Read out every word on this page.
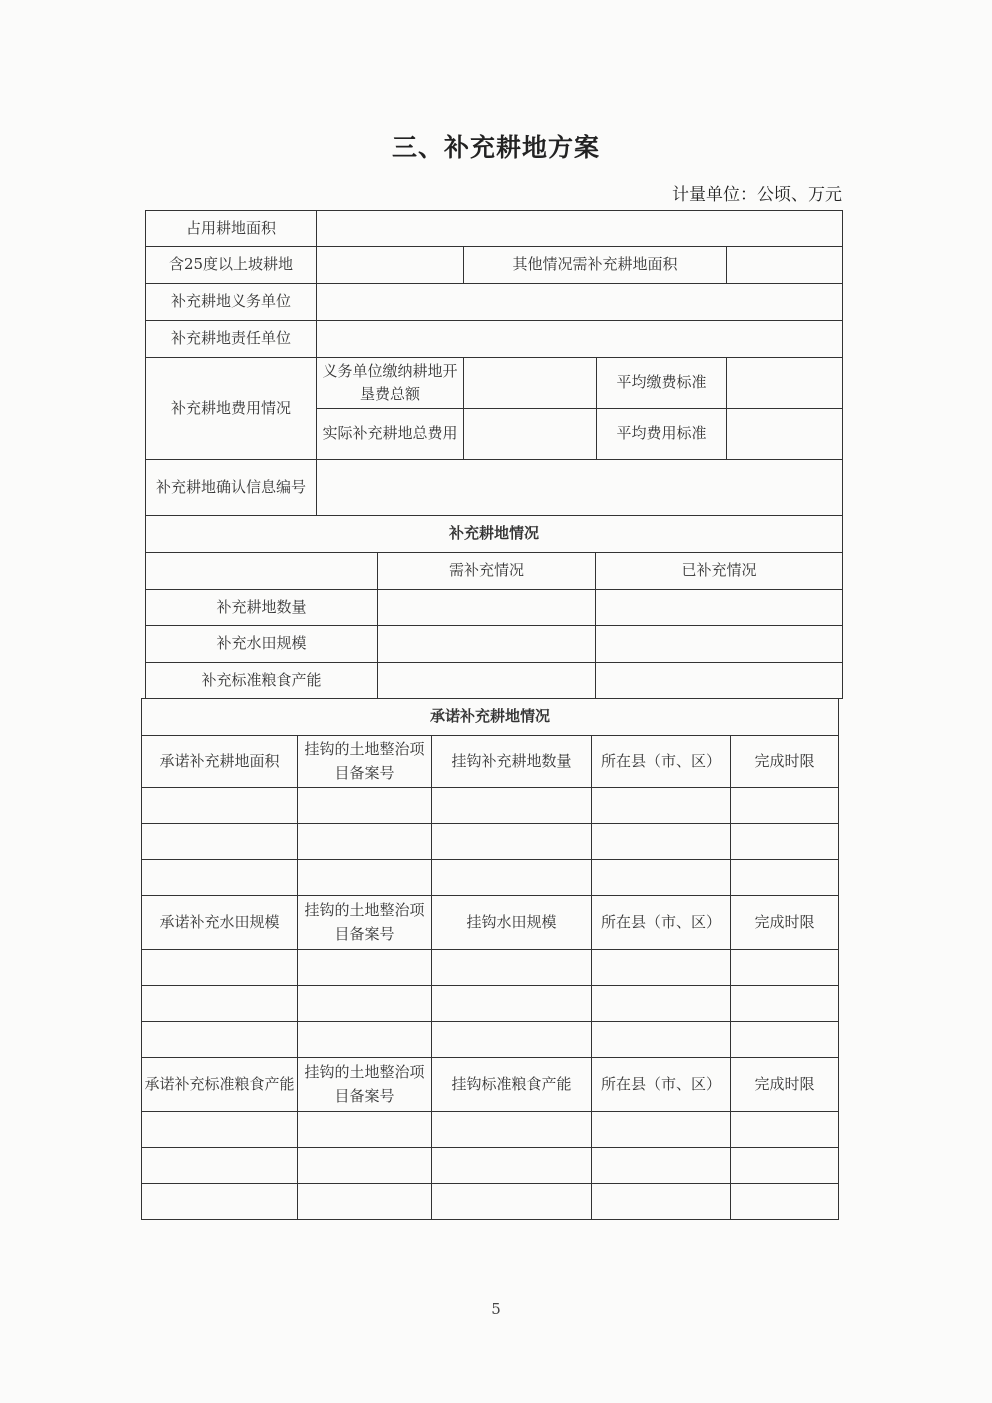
三、补充耕地方案
计量单位：公顷、万元
占用耕地面积				
含25度以上坡耕地		其他情况需补充耕地面积		
补充耕地义务单位				
补充耕地责任单位				
补充耕地费用情况	义务单位缴纳耕地开垦费总额		平均缴费标准	
	实际补充耕地总费用		平均费用标准	
补充耕地确认信息编号				
补充耕地情况		
	需补充情况	已补充情况
补充耕地数量		
补充水田规模		
补充标准粮食产能		
承诺补充耕地情况				
承诺补充耕地面积	挂钩的土地整治项目备案号	挂钩补充耕地数量	所在县（市、区）	完成时限

承诺补充水田规模	挂钩的土地整治项目备案号	挂钩水田规模	所在县（市、区）	完成时限

承诺补充标准粮食产能	挂钩的土地整治项目备案号	挂钩标准粮食产能	所在县（市、区）	完成时限

5
